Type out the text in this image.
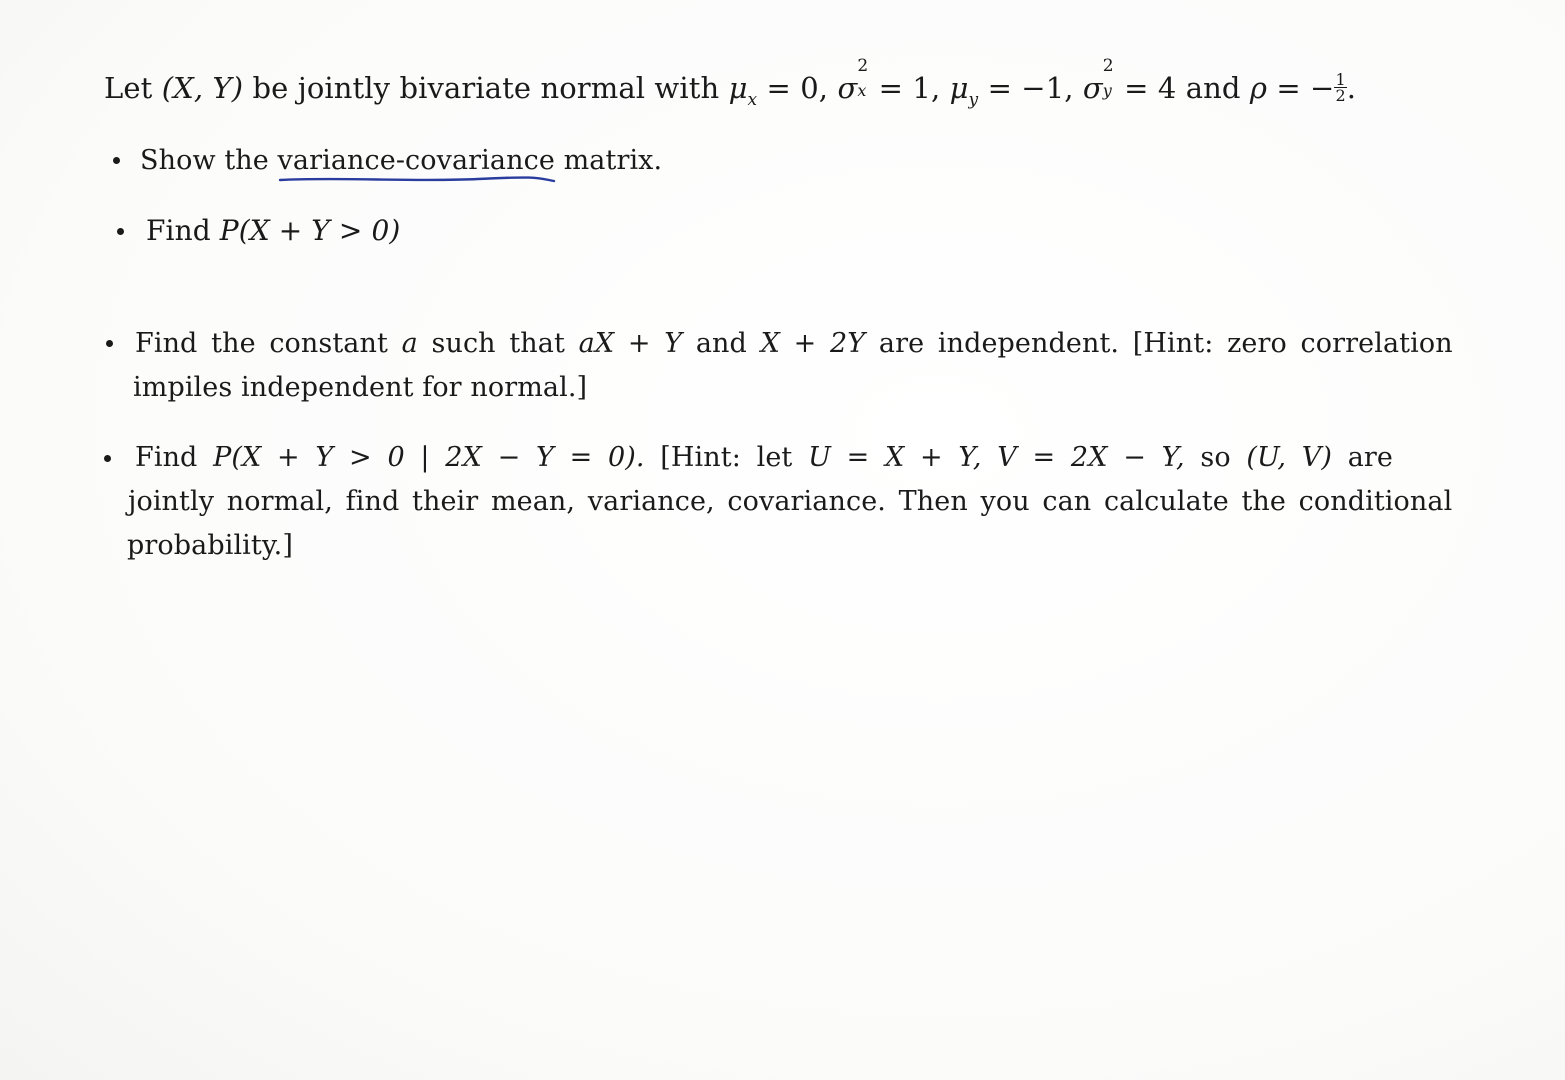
Let (X, Y) be jointly bivariate normal with $\mu_x = 0$, σ
2
x = 1, $\mu_y = -1$, σ
2
y = 4 and ρ = − $\frac{1}{2}$ .
Show the variance-covariance matrix.
Find P(X + Y > 0)
Find the constant a such that aX + Y and X + 2Y are independent. [Hint: zero correlation
impiles independent for normal.]
Find P(X + Y > 0 | 2X − Y = 0). [Hint: let U = X + Y, V = 2X − Y, so (U, V) are
jointly normal, find their mean, variance, covariance. Then you can calculate the conditional
probability.]
